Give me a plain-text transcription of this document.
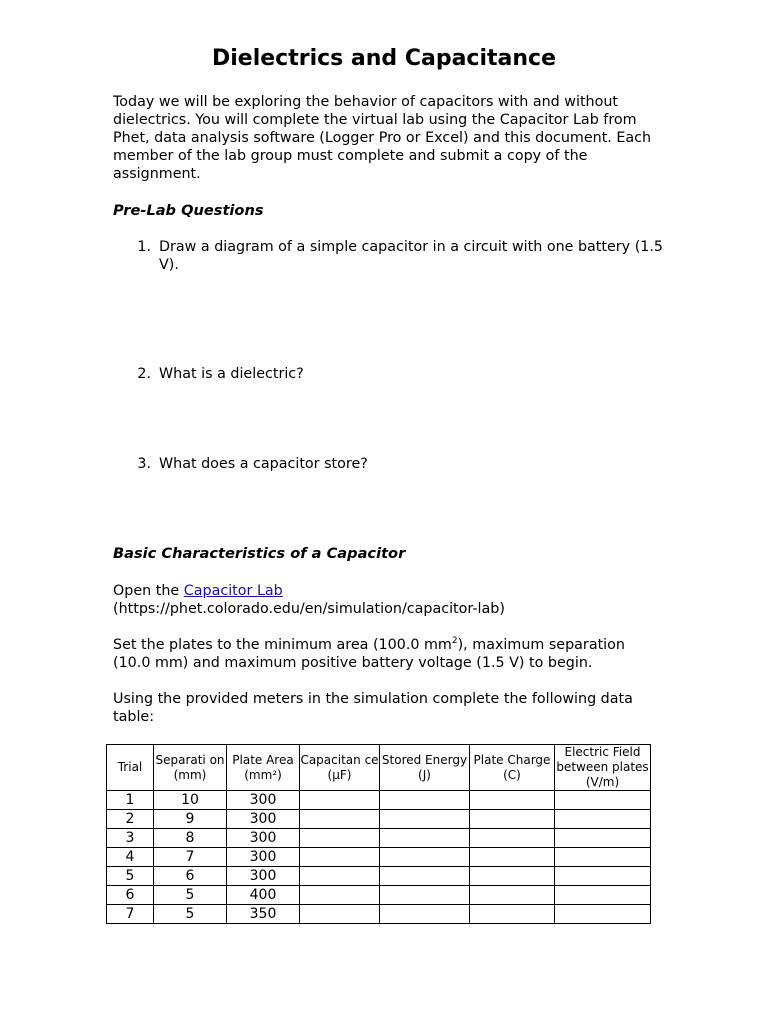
Dielectrics and Capacitance

Today we will be exploring the behavior of capacitors with and without dielectrics. You will complete the virtual lab using the Capacitor Lab from Phet, data analysis software (Logger Pro or Excel) and this document. Each member of the lab group must complete and submit a copy of the assignment.

Pre-Lab Questions

1. Draw a diagram of a simple capacitor in a circuit with one battery (1.5 V).
2. What is a dielectric?
3. What does a capacitor store?

Basic Characteristics of a Capacitor

Open the Capacitor Lab
(https://phet.colorado.edu/en/simulation/capacitor-lab)

Set the plates to the minimum area (100.0 $mm^2$), maximum separation (10.0 mm) and maximum positive battery voltage (1.5 V) to begin.

Using the provided meters in the simulation complete the following data table:

Trial	Separati on (mm)	Plate Area (mm²)	Capacitan ce (μF)	Stored Energy (J)	Plate Charge (C)	Electric Field between plates (V/m)
1	10	300				
2	9	300				
3	8	300				
4	7	300				
5	6	300				
6	5	400				
7	5	350				
